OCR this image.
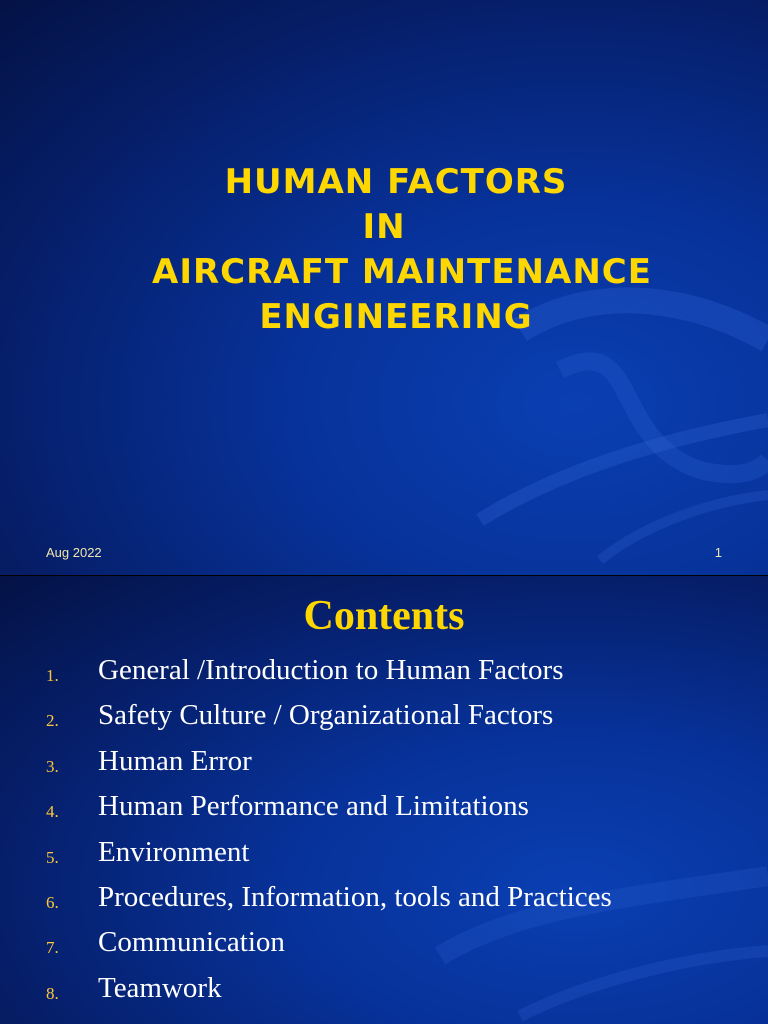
HUMAN FACTORS
IN
AIRCRAFT MAINTENANCE
ENGINEERING
Aug 2022	1
Contents
1. General /Introduction to Human Factors
2. Safety Culture / Organizational Factors
3. Human Error
4. Human Performance and Limitations
5. Environment
6. Procedures, Information, tools and Practices
7. Communication
8. Teamwork
